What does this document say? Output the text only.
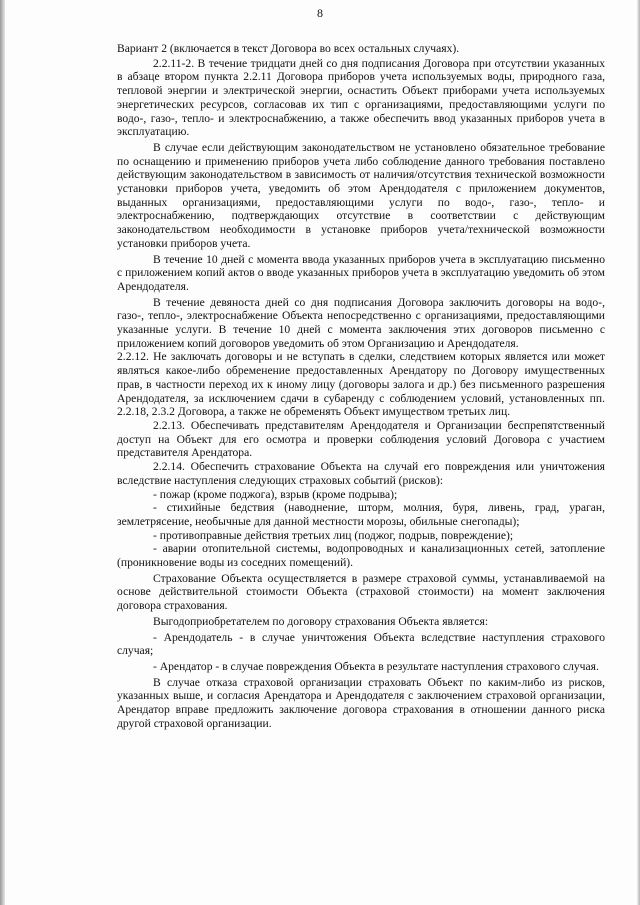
8

Вариант 2 (включается в текст Договора во всех остальных случаях).

2.2.11-2. В течение тридцати дней со дня подписания Договора при отсутствии указанных в абзаце втором пункта 2.2.11 Договора приборов учета используемых воды, природного газа, тепловой энергии и электрической энергии, оснастить Объект приборами учета используемых энергетических ресурсов, согласовав их тип с организациями, предоставляющими услуги по водо-, газо-, тепло- и электроснабжению, а также обеспечить ввод указанных приборов учета в эксплуатацию.

В случае если действующим законодательством не установлено обязательное требование по оснащению и применению приборов учета либо соблюдение данного требования поставлено действующим законодательством в зависимость от наличия/отсутствия технической возможности установки приборов учета, уведомить об этом Арендодателя с приложением документов, выданных организациями, предоставляющими услуги по водо-, газо-, тепло- и электроснабжению, подтверждающих отсутствие в соответствии с действующим законодательством необходимости в установке приборов учета/технической возможности установки приборов учета.

В течение 10 дней с момента ввода указанных приборов учета в эксплуатацию письменно с приложением копий актов о вводе указанных приборов учета в эксплуатацию уведомить об этом Арендодателя.

В течение девяноста дней со дня подписания Договора заключить договоры на водо-, газо-, тепло-, электроснабжение Объекта непосредственно с организациями, предоставляющими указанные услуги. В течение 10 дней с момента заключения этих договоров письменно с приложением копий договоров уведомить об этом Организацию и Арендодателя.

2.2.12. Не заключать договоры и не вступать в сделки, следствием которых является или может являться какое-либо обременение предоставленных Арендатору по Договору имущественных прав, в частности переход их к иному лицу (договоры залога и др.) без письменного разрешения Арендодателя, за исключением сдачи в субаренду с соблюдением условий, установленных пп. 2.2.18, 2.3.2 Договора, а также не обременять Объект имуществом третьих лиц.

2.2.13. Обеспечивать представителям Арендодателя и Организации беспрепятственный доступ на Объект для его осмотра и проверки соблюдения условий Договора с участием представителя Арендатора.

2.2.14. Обеспечить страхование Объекта на случай его повреждения или уничтожения вследствие наступления следующих страховых событий (рисков):

- пожар (кроме поджога), взрыв (кроме подрыва);

- стихийные бедствия (наводнение, шторм, молния, буря, ливень, град, ураган, землетрясение, необычные для данной местности морозы, обильные снегопады);

- противоправные действия третьих лиц (поджог, подрыв, повреждение);

- аварии отопительной системы, водопроводных и канализационных сетей, затопление (проникновение воды из соседних помещений).

Страхование Объекта осуществляется в размере страховой суммы, устанавливаемой на основе действительной стоимости Объекта (страховой стоимости) на момент заключения договора страхования.

Выгодоприобретателем по договору страхования Объекта является:

- Арендодатель - в случае уничтожения Объекта вследствие наступления страхового случая;

- Арендатор - в случае повреждения Объекта в результате наступления страхового случая.

В случае отказа страховой организации страховать Объект по каким-либо из рисков, указанных выше, и согласия Арендатора и Арендодателя с заключением страховой организации, Арендатор вправе предложить заключение договора страхования в отношении данного риска другой страховой организации.
